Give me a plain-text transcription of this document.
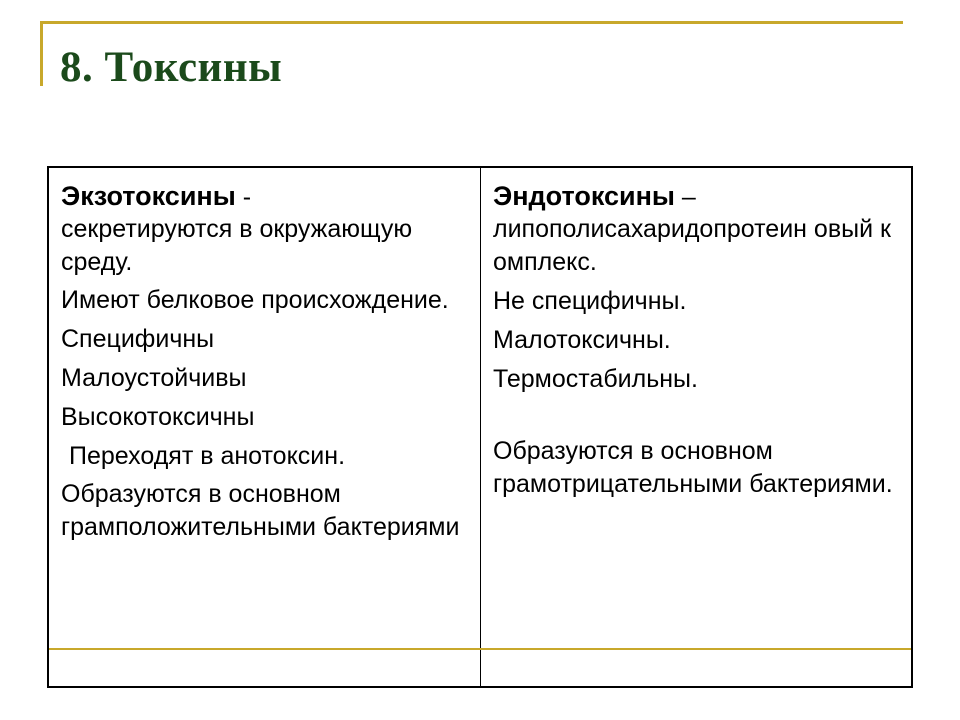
8. Токсины

Экзотоксины -

секретируются в окружающую среду.

Имеют белковое происхождение.

Специфичны

Малоустойчивы

Высокотоксичны

Переходят в анотоксин.

Образуются в основном грамположительными бактериями

Эндотоксины –

липополисахаридопротеин овый комплекс.

Не специфичны.

Малотоксичны.

Термостабильны.

Образуются в основном грамотрицательными бактериями.
